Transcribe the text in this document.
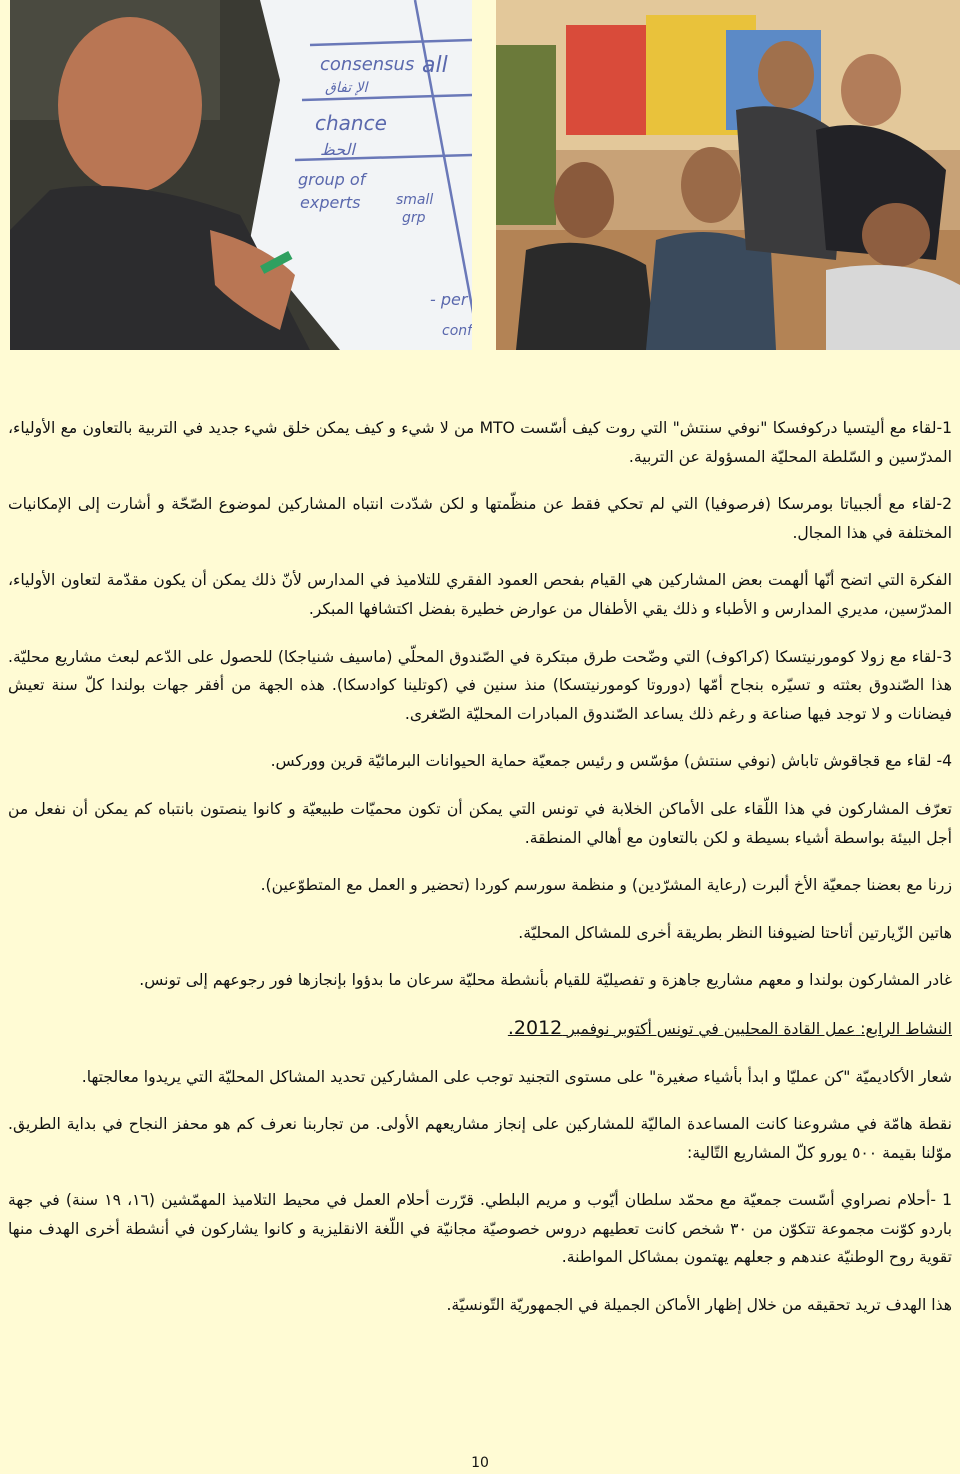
consensus all
الإ تفاق
chance
الحظ
group of
experts	small
grp
- per
conf

1-لقاء مع أليتسيا دركوفسكا "نوفي سنتش" التي روت كيف أسّست MTO من لا شيء و كيف يمكن خلق شيء جديد في التربية بالتعاون مع الأولياء، المدرّسين و السّلطة المحليّة المسؤولة عن التربية.

2-لقاء مع ألجبياتا بومرسكا (فرصوفيا) التي لم تحكي فقط عن منظّمتها و لكن شدّدت انتباه المشاركين لموضوع الصّحّة و أشارت إلى الإمكانيات المختلفة في هذا المجال.

الفكرة التي اتضح أنّها ألهمت بعض المشاركين هي القيام بفحص العمود الفقري للتلاميذ في المدارس لأنّ ذلك يمكن أن يكون مقدّمة لتعاون الأولياء، المدرّسين، مديري المدارس و الأطباء و ذلك يقي الأطفال من عوارض خطيرة بفضل اكتشافها المبكر.

3-لقاء مع زولا كومورنيتسكا (كراكوف) التي وضّحت طرق مبتكرة في الصّندوق المحلّي (ماسيف شنياجكا) للحصول على الدّعم لبعث مشاريع محليّة. هذا الصّندوق بعثته و تسيّره بنجاح أمّها (دوروتا كومورنيتسكا) منذ سنين في (كوتلينا كوادسكا). هذه الجهة من أفقر جهات بولندا كلّ سنة تعيش فيضانات و لا توجد فيها صناعة و رغم ذلك يساعد الصّندوق المبادرات المحليّة الصّغرى.

4- لقاء مع قجاقوش تاباش (نوفي سنتش) مؤسّس و رئيس جمعيّة حماية الحيوانات البرمائيّة قرين ووركس.

تعرّف المشاركون في هذا اللّقاء على الأماكن الخلابة في تونس التي يمكن أن تكون محميّات طبيعيّة و كانوا ينصتون بانتباه كم يمكن أن نفعل من أجل البيئة بواسطة أشياء بسيطة و لكن بالتعاون مع أهالي المنطقة.

زرنا مع بعضنا جمعيّة الأخ ألبرت (رعاية المشرّدين) و منظمة سورسم كوردا (تحضير و العمل مع المتطوّعين).

هاتين الزّيارتين أتاحتا لضيوفنا النظر بطريقة أخرى للمشاكل المحليّة.

غادر المشاركون بولندا و معهم مشاريع جاهزة و تفصيليّة للقيام بأنشطة محليّة سرعان ما بدؤوا بإنجازها فور رجوعهم إلى تونس.

النشاط الرابع: عمل القادة المحليين في تونس أكتوبر نوفمبر 2012.

شعار الأكاديميّة "كن عمليّا و ابدأ بأشياء صغيرة" على مستوى التجنيد توجب على المشاركين تحديد المشاكل المحليّة التي يريدوا معالجتها.

نقطة هامّة في مشروعنا كانت المساعدة الماليّة للمشاركين على إنجاز مشاريعهم الأولى. من تجاربنا نعرف كم هو محفز النجاح في بداية الطريق. موّلنا بقيمة ٥٠٠ يورو كلّ المشاريع التّالية:

1 -أحلام نصراوي أسّست جمعيّة مع محمّد سلطان أيّوب و مريم البلطي. قرّرت أحلام العمل في محيط التلاميذ المهمّشين (١٦، ١٩ سنة) في جهة باردو كوّنت مجموعة تتكوّن من ٣٠ شخص كانت تعطيهم دروس خصوصيّة مجانيّة في اللّغة الانقليزية و كانوا يشاركون في أنشطة أخرى الهدف منها تقوية روح الوطنيّة عندهم و جعلهم يهتمون بمشاكل المواطنة.

هذا الهدف تريد تحقيقه من خلال إظهار الأماكن الجميلة في الجمهوريّة التّونسيّة.

10
